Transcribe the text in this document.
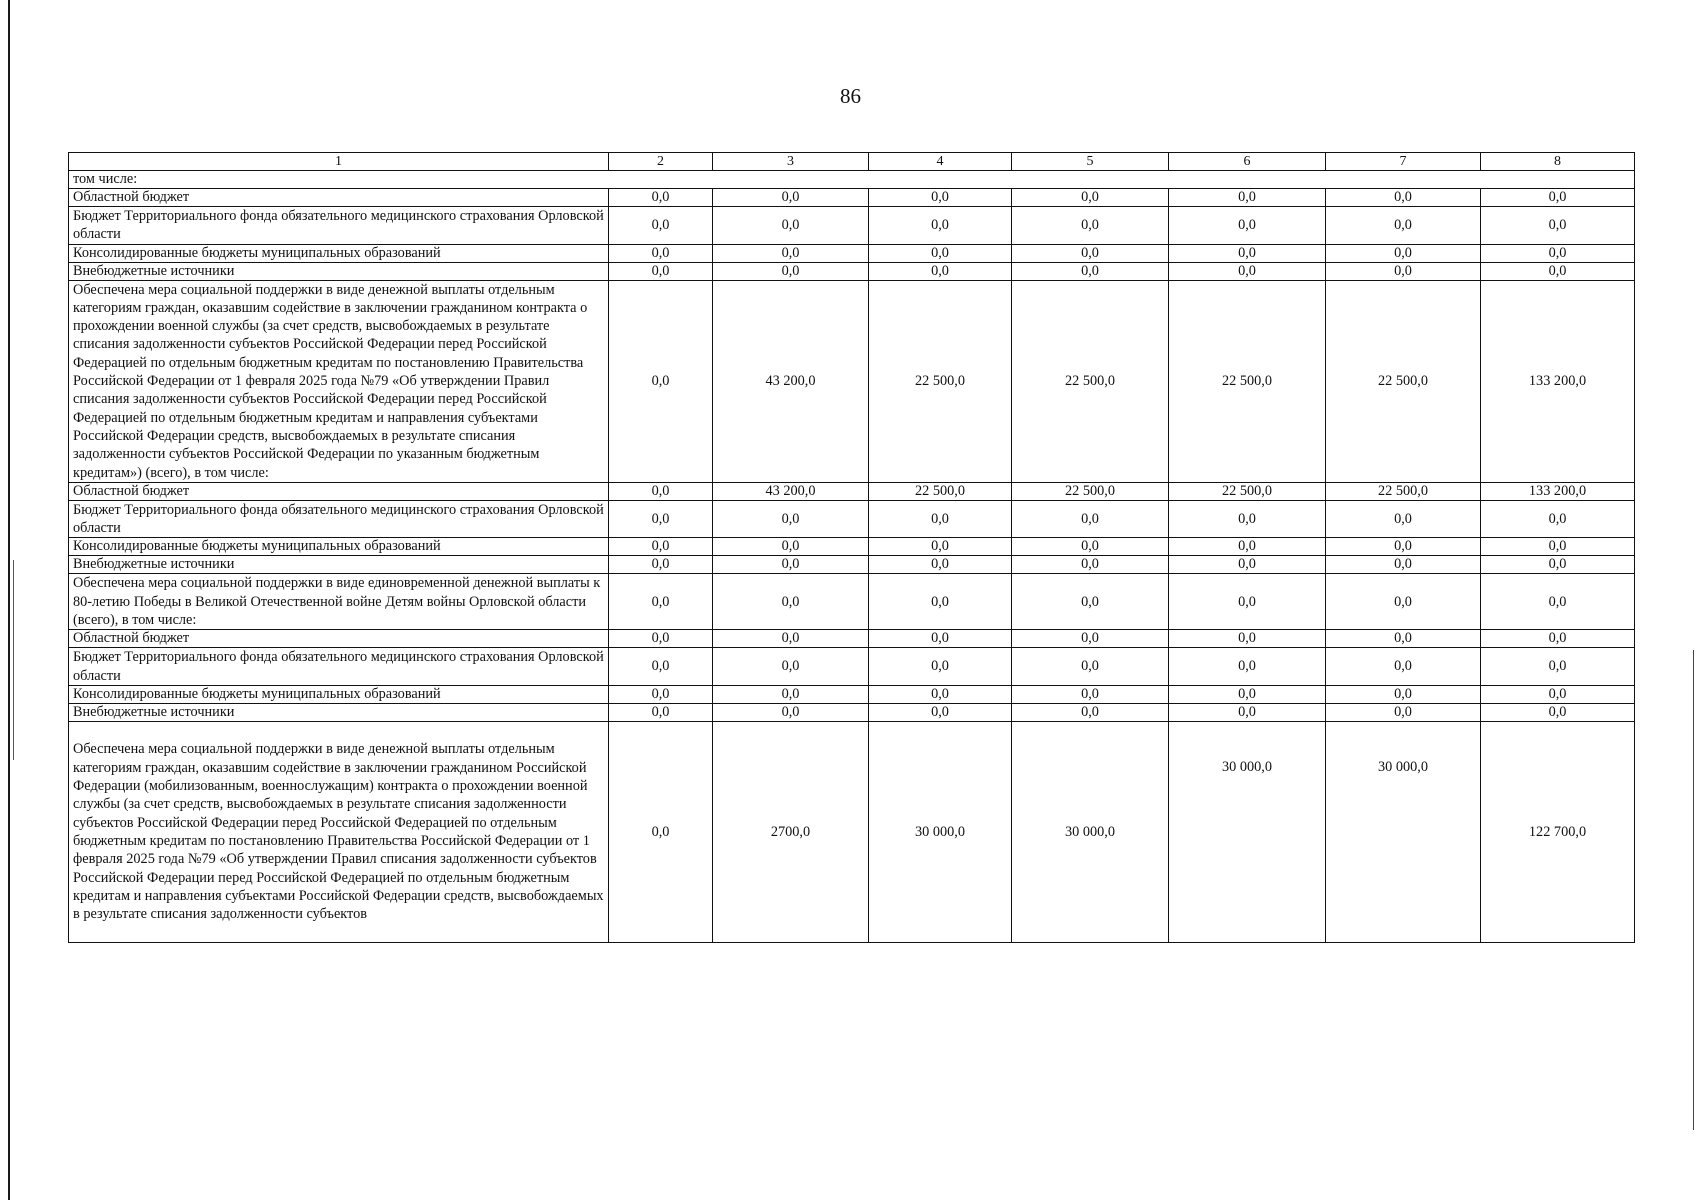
86
1	2	3	4	5	6	7	8
том числе:							
Областной бюджет	0,0	0,0	0,0	0,0	0,0	0,0	0,0
Бюджет Территориального фонда обязательного медицинского страхования Орловской области	0,0	0,0	0,0	0,0	0,0	0,0	0,0
Консолидированные бюджеты муниципальных образований	0,0	0,0	0,0	0,0	0,0	0,0	0,0
Внебюджетные источники	0,0	0,0	0,0	0,0	0,0	0,0	0,0
Обеспечена мера социальной поддержки в виде денежной выплаты отдельным категориям граждан, оказавшим содействие в заключении гражданином контракта о прохождении военной службы (за счет средств, высвобождаемых в результате списания задолженности субъектов Российской Федерации перед Российской Федерацией по отдельным бюджетным кредитам по постановлению Правительства Российской Федерации от 1 февраля 2025 года №79 «Об утверждении Правил списания задолженности субъектов Российской Федерации перед Российской Федерацией по отдельным бюджетным кредитам и направления субъектами Российской Федерации средств, высвобождаемых в результате списания задолженности субъектов Российской Федерации по указанным бюджетным кредитам») (всего), в том числе:	0,0	43 200,0	22 500,0	22 500,0	22 500,0	22 500,0	133 200,0
Областной бюджет	0,0	43 200,0	22 500,0	22 500,0	22 500,0	22 500,0	133 200,0
Бюджет Территориального фонда обязательного медицинского страхования Орловской области	0,0	0,0	0,0	0,0	0,0	0,0	0,0
Консолидированные бюджеты муниципальных образований	0,0	0,0	0,0	0,0	0,0	0,0	0,0
Внебюджетные источники	0,0	0,0	0,0	0,0	0,0	0,0	0,0
Обеспечена мера социальной поддержки в виде единовременной денежной выплаты к 80-летию Победы в Великой Отечественной войне Детям войны Орловской области (всего), в том числе:	0,0	0,0	0,0	0,0	0,0	0,0	0,0
Областной бюджет	0,0	0,0	0,0	0,0	0,0	0,0	0,0
Бюджет Территориального фонда обязательного медицинского страхования Орловской области	0,0	0,0	0,0	0,0	0,0	0,0	0,0
Консолидированные бюджеты муниципальных образований	0,0	0,0	0,0	0,0	0,0	0,0	0,0
Внебюджетные источники	0,0	0,0	0,0	0,0	0,0	0,0	0,0
Обеспечена мера социальной поддержки в виде денежной выплаты отдельным категориям граждан, оказавшим содействие в заключении гражданином Российской Федерации (мобилизованным, военнослужащим) контракта о прохождении военной службы (за счет средств, высвобождаемых в результате списания задолженности субъектов Российской Федерации перед Российской Федерацией по отдельным бюджетным кредитам по постановлению Правительства Российской Федерации от 1 февраля 2025 года №79 «Об утверждении Правил списания задолженности субъектов Российской Федерации перед Российской Федерацией по отдельным бюджетным кредитам и направления субъектами Российской Федерации средств, высвобождаемых в результате списания задолженности субъектов	0,0	2700,0	30 000,0	30 000,0	30 000,0	30 000,0	122 700,0
